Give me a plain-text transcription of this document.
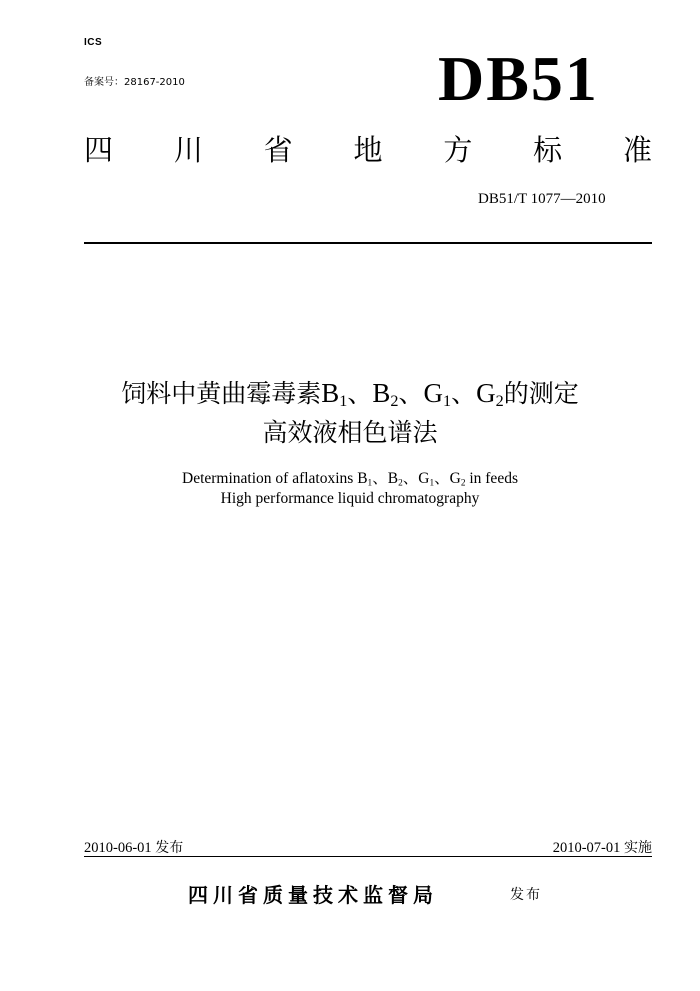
ICS
备案号：28167-2010	DB51
四 川 省 地 方 标 准
DB51/T 1077—2010
饲料中黄曲霉毒素$B_1$、$B_2$、$G_1$、$G_2$的测定
高效液相色谱法
Determination of aflatoxins $B_1$、$B_2$、$G_1$、$G_2$ in feeds
High performance liquid chromatography
2010-06-01 发布	2010-07-01 实施
四川省质量技术监督局	发布
